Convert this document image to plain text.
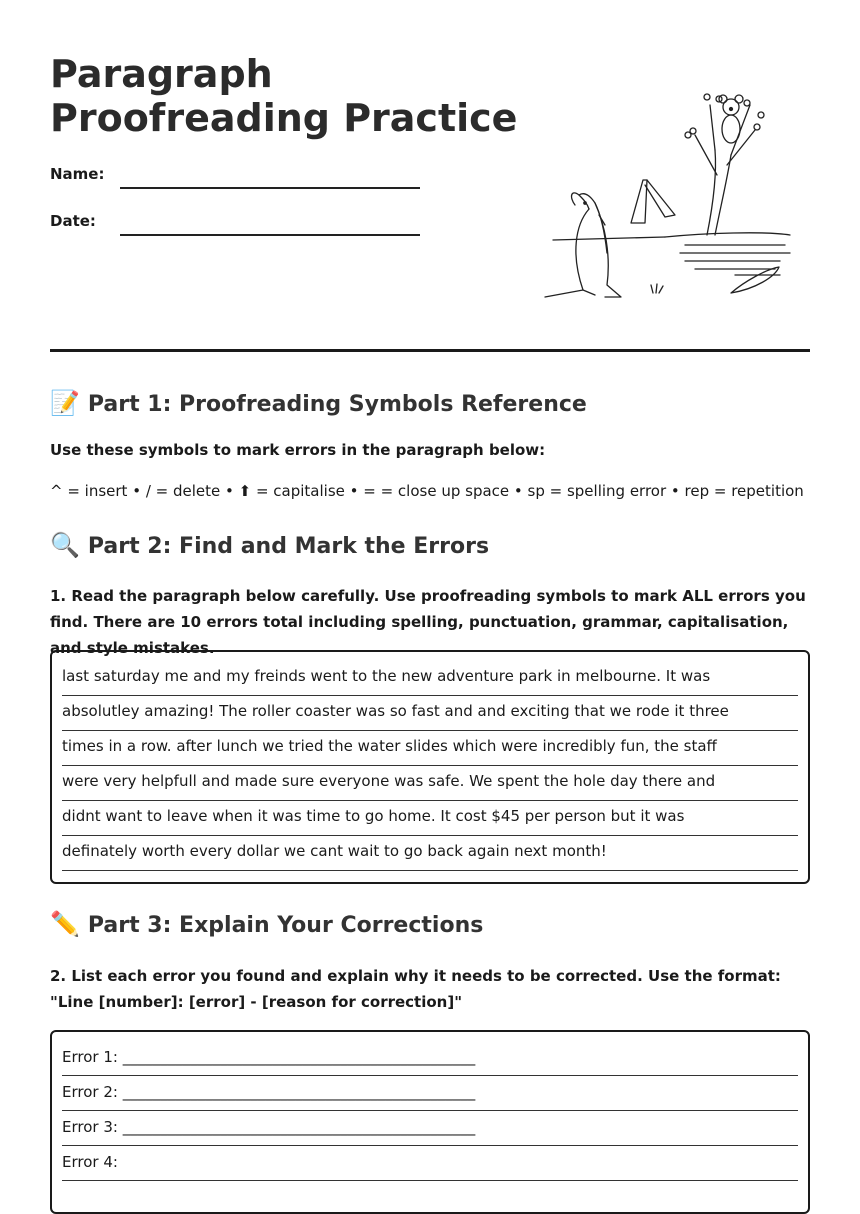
Paragraph Proofreading Practice
Name:
Date:
📝 Part 1: Proofreading Symbols Reference
Use these symbols to mark errors in the paragraph below:
^ = insert • / = delete • ⬆ = capitalise • = = close up space • sp = spelling error • rep = repetition
🔍 Part 2: Find and Mark the Errors
1. Read the paragraph below carefully. Use proofreading symbols to mark ALL errors you find. There are 10 errors total including spelling, punctuation, grammar, capitalisation, and style mistakes.
last saturday me and my freinds went to the new adventure park in melbourne. It was
absolutley amazing! The roller coaster was so fast and and exciting that we rode it three
times in a row. after lunch we tried the water slides which were incredibly fun, the staff
were very helpfull and made sure everyone was safe. We spent the hole day there and
didnt want to leave when it was time to go home. It cost $45 per person but it was
definately worth every dollar we cant wait to go back again next month!
✏️ Part 3: Explain Your Corrections
2. List each error you found and explain why it needs to be corrected. Use the format: "Line [number]: [error] - [reason for correction]"
Error 1: _______________________________________________
Error 2: _______________________________________________
Error 3: _______________________________________________
Error 4:
